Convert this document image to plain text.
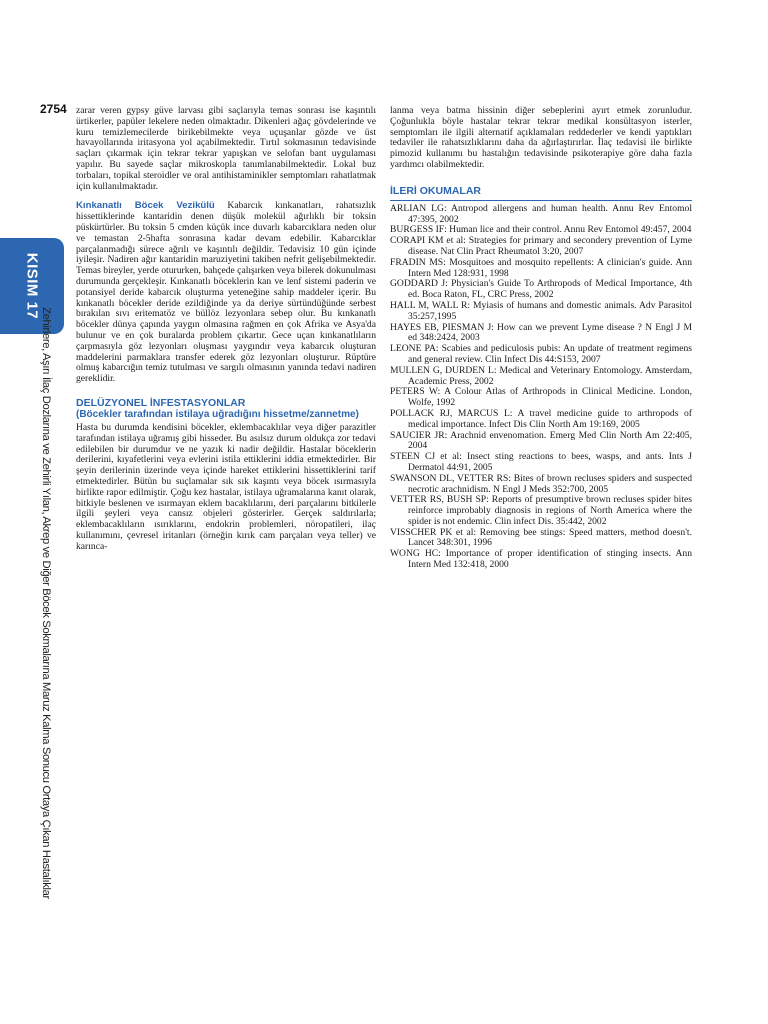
2754
KISIM 17
Zehirlere, Aşırı İlaç Dozlarına ve Zehirli Yılan, Akrep ve Diğer Böcek Sokmalarına Maruz Kalma Sonucu Ortaya Çıkan Hastalıklar

zarar veren gypsy güve larvası gibi saçlarıyla temas sonrası ise kaşıntılı ürtikerler, papüler lekelere neden olmaktadır. Dikenleri ağaç gövdelerinde ve kuru temizlemecilerde birikebilmekte veya uçuşanlar gözde ve üst havayollarında iritasyona yol açabilmektedir. Tırtıl sokmasının tedavisinde saçları çıkarmak için tekrar tekrar yapışkan ve selofan bant uygulaması yapılır. Bu sayede saçlar mikroskopla tanımlanabilmektedir. Lokal buz torbaları, topikal steroidler ve oral antihistaminikler semptomları rahatlatmak için kullanılmaktadır.

Kınkanatlı Böcek Vezikülü Kabarcık kınkanatları, rahatsızlık hissettiklerinde kantaridin denen düşük molekül ağırlıklı bir toksin püskürtürler. Bu toksin 5 cmden küçük ince duvarlı kabarcıklara neden olur ve temastan 2-5hafta sonrasına kadar devam edebilir. Kabarcıklar parçalanmadığı sürece ağrılı ve kaşıntılı değildir. Tedavisiz 10 gün içinde iyileşir. Nadiren ağır kantaridin maruziyetini takiben nefrit gelişebilmektedir. Temas bireyler, yerde otururken, bahçede çalışırken veya bilerek dokunulması durumunda gerçekleşir. Kınkanatlı böceklerin kan ve lenf sistemi paderin ve potansiyel deride kabarcık oluşturma yeteneğine sahip maddeler içerir. Bu kınkanatlı böcekler deride ezildiğinde ya da deriye sürtündüğünde serbest bırakılan sıvı eritematöz ve büllöz lezyonlara sebep olur. Bu kınkanatlı böcekler dünya çapında yaygın olmasına rağmen en çok Afrika ve Asya'da bulunur ve en çok buralarda problem çıkartır. Gece uçan kınkanatlıların çarpmasıyla göz lezyonları oluşması yaygındır veya kabarcık oluşturan maddelerini parmaklara transfer ederek göz lezyonları oluşturur. Rüptüre olmuş kabarcığın temiz tutulması ve sargılı olmasının yanında tedavi nadiren gereklidir.

DELÜZYONEL İNFESTASYONLAR
(Böcekler tarafından istilaya uğradığını hissetme/zannetme)

Hasta bu durumda kendisini böcekler, eklembacaklılar veya diğer parazitler tarafından istilaya uğramış gibi hisseder. Bu asılsız durum oldukça zor tedavi edilebilen bir durumdur ve ne yazık ki nadir değildir. Hastalar böceklerin derilerini, kıyafetlerini veya evlerini istila ettiklerini iddia etmektedirler. Bir şeyin derilerinin üzerinde veya içinde hareket ettiklerini hissettiklerini tarif etmektedirler. Bütün bu suçlamalar sık sık kaşıntı veya böcek ısırmasıyla birlikte rapor edilmiştir. Çoğu kez hastalar, istilaya uğramalarına kanıt olarak, bitkiyle beslenen ve ısırmayan eklem bacaklılarını, deri parçalarını bitkilerle ilgili şeyleri veya cansız objeleri gösterirler. Gerçek saldırılarla; eklembacaklıların ısırıklarını, endokrin problemleri, nöropatileri, ilaç kullanımını, çevresel iritanları (örneğin kırık cam parçaları veya teller) ve karınca-

lanma veya batma hissinin diğer sebeplerini ayırt etmek zorunludur. Çoğunlukla böyle hastalar tekrar tekrar medikal konsültasyon isterler, semptomları ile ilgili alternatif açıklamaları reddederler ve kendi yaptıkları tedaviler ile rahatsızlıklarını daha da ağırlaştırırlar. İlaç tedavisi ile birlikte pimozid kullanımı bu hastalığın tedavisinde psikoterapiye göre daha fazla yardımcı olabilmektedir.

İLERİ OKUMALAR
ARLIAN LG: Antropod allergens and human health. Annu Rev Entomol 47:395, 2002
BURGESS IF: Human lice and their control. Annu Rev Entomol 49:457, 2004
CORAPI KM et al: Strategies for primary and secondery prevention of Lyme disease. Nat Clin Pract Rheumatol 3:20, 2007
FRADIN MS: Mosquitoes and mosquito repellents: A clinician's guide. Ann Intern Med 128:931, 1998
GODDARD J: Physician's Guide To Arthropods of Medical Importance, 4th ed. Boca Raton, FL, CRC Press, 2002
HALL M, WALL R: Myiasis of humans and domestic animals. Adv Parasitol 35:257,1995
HAYES EB, PIESMAN J: How can we prevent Lyme disease ? N Engl J M ed 348:2424, 2003
LEONE PA: Scabies and pediculosis pubis: An update of treatment regimens and general review. Clin Infect Dis 44:S153, 2007
MULLEN G, DURDEN L: Medical and Veterinary Entomology. Amsterdam, Academic Press, 2002
PETERS W: A Colour Atlas of Arthropods in Clinical Medicine. London, Wolfe, 1992
POLLACK RJ, MARCUS L: A travel medicine guide to arthropods of medical importance. Infect Dis Clin North Am 19:169, 2005
SAUCIER JR: Arachnid envenomation. Emerg Med Clin North Am 22:405, 2004
STEEN CJ et al: Insect sting reactions to bees, wasps, and ants. Ints J Dermatol 44:91, 2005
SWANSON DL, VETTER RS: Bites of brown recluses spiders and suspected necrotic arachnidism. N Engl J Meds 352:700, 2005
VETTER RS, BUSH SP: Reports of presumptive brown recluses spider bites reinforce improbably diagnosis in regions of North America where the spider is not endemic. Clin infect Dis. 35:442, 2002
VISSCHER PK et al: Removing bee stings: Speed matters, method doesn't. Lancet 348:301, 1996
WONG HC: Importance of proper identification of stinging insects. Ann Intern Med 132:418, 2000
